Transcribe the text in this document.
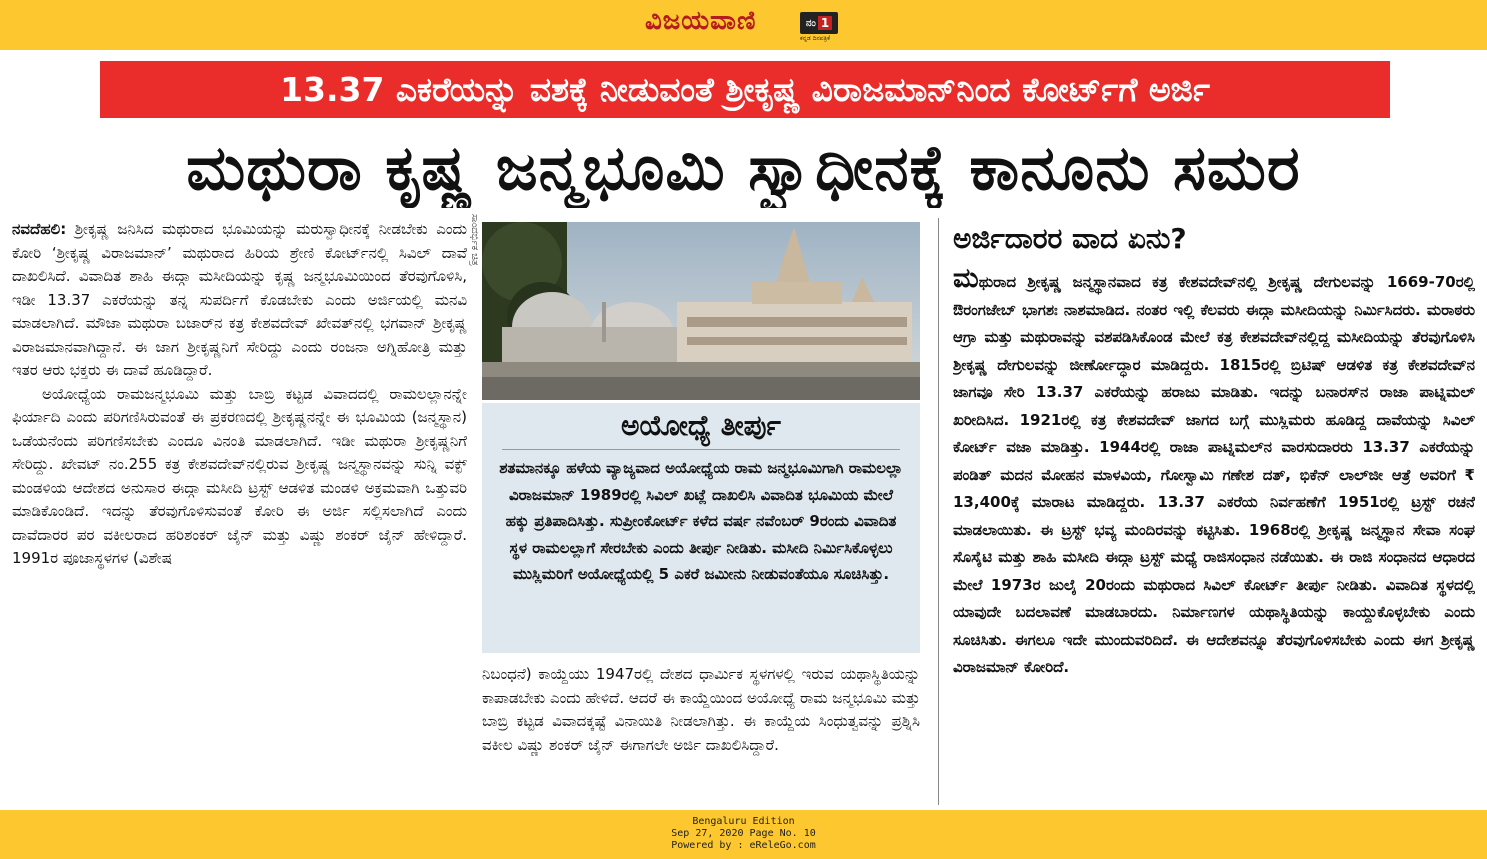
ವಿಜಯವಾಣಿ	ನಂ 1
ಕನ್ನಡ ದಿನಪತ್ರಿಕೆ
13.37 ಎಕರೆಯನ್ನು ವಶಕ್ಕೆ ನೀಡುವಂತೆ ಶ್ರೀಕೃಷ್ಣ ವಿರಾಜಮಾನ್‌ನಿಂದ ಕೋರ್ಟ್‌ಗೆ ಅರ್ಜಿ
ಮಥುರಾ ಕೃಷ್ಣ ಜನ್ಮಭೂಮಿ ಸ್ವಾಧೀನಕ್ಕೆ ಕಾನೂನು ಸಮರ

ನವದೆಹಲಿ: ಶ್ರೀಕೃಷ್ಣ ಜನಿಸಿದ ಮಥುರಾದ ಭೂಮಿಯನ್ನು ಮರುಸ್ವಾಧೀನಕ್ಕೆ ನೀಡಬೇಕು ಎಂದು ಕೋರಿ ‘ಶ್ರೀಕೃಷ್ಣ ವಿರಾಜಮಾನ್’ ಮಥುರಾದ ಹಿರಿಯ ಶ್ರೇಣಿ ಕೋರ್ಟ್‌ನಲ್ಲಿ ಸಿವಿಲ್ ದಾವೆ ದಾಖಲಿಸಿದೆ. ವಿವಾದಿತ ಶಾಹಿ ಈದ್ಗಾ ಮಸೀದಿಯನ್ನು ಕೃಷ್ಣ ಜನ್ಮಭೂಮಿಯಿಂದ ತೆರವುಗೊಳಿಸಿ, ಇಡೀ 13.37 ಎಕರೆಯನ್ನು ತನ್ನ ಸುಪರ್ದಿಗೆ ಕೊಡಬೇಕು ಎಂದು ಅರ್ಜಿಯಲ್ಲಿ ಮನವಿ ಮಾಡಲಾಗಿದೆ. ಮೌಜಾ ಮಥುರಾ ಬಜಾರ್‌ನ ಕತ್ರ ಕೇಶವದೇವ್ ಖೇವತ್‌ನಲ್ಲಿ ಭಗವಾನ್ ಶ್ರೀಕೃಷ್ಣ ವಿರಾಜಮಾನವಾಗಿದ್ದಾನೆ. ಈ ಜಾಗ ಶ್ರೀಕೃಷ್ಣನಿಗೆ ಸೇರಿದ್ದು ಎಂದು ರಂಜನಾ ಅಗ್ನಿಹೋತ್ರಿ ಮತ್ತು ಇತರ ಆರು ಭಕ್ತರು ಈ ದಾವೆ ಹೂಡಿದ್ದಾರೆ.

ಅಯೋಧ್ಯೆಯ ರಾಮಜನ್ಮಭೂಮಿ ಮತ್ತು ಬಾಬ್ರಿ ಕಟ್ಟಡ ವಿವಾದದಲ್ಲಿ ರಾಮಲಲ್ಲಾನನ್ನೇ ಫಿರ್ಯಾದಿ ಎಂದು ಪರಿಗಣಿಸಿರುವಂತೆ ಈ ಪ್ರಕರಣದಲ್ಲಿ ಶ್ರೀಕೃಷ್ಣನನ್ನೇ ಈ ಭೂಮಿಯ (ಜನ್ಮಸ್ಥಾನ) ಒಡೆಯನೆಂದು ಪರಿಗಣಿಸಬೇಕು ಎಂದೂ ವಿನಂತಿ ಮಾಡಲಾಗಿದೆ. ಇಡೀ ಮಥುರಾ ಶ್ರೀಕೃಷ್ಣನಿಗೆ ಸೇರಿದ್ದು. ಖೇವಟ್ ನಂ.255 ಕತ್ರ ಕೇಶವದೇವ್‌ನಲ್ಲಿರುವ ಶ್ರೀಕೃಷ್ಣ ಜನ್ಮಸ್ಥಾನವನ್ನು ಸುನ್ನಿ ವಕ್ಫ್ ಮಂಡಳಿಯ ಆದೇಶದ ಅನುಸಾರ ಈದ್ಗಾ ಮಸೀದಿ ಟ್ರಸ್ಟ್ ಆಡಳಿತ ಮಂಡಳಿ ಅಕ್ರಮವಾಗಿ ಒತ್ತುವರಿ ಮಾಡಿಕೊಂಡಿದೆ. ಇದನ್ನು ತೆರವುಗೊಳಿಸುವಂತೆ ಕೋರಿ ಈ ಅರ್ಜಿ ಸಲ್ಲಿಸಲಾಗಿದೆ ಎಂದು ದಾವೆದಾರರ ಪರ ವಕೀಲರಾದ ಹರಿಶಂಕರ್ ಜೈನ್ ಮತ್ತು ವಿಷ್ಣು ಶಂಕರ್ ಜೈನ್ ಹೇಳಿದ್ದಾರೆ. 1991ರ ಪೂಜಾಸ್ಥಳಗಳ (ವಿಶೇಷ

ಸಾಂದರ್ಭಿಕ ಚಿತ್ರ
ಅಯೋಧ್ಯೆ ತೀರ್ಪು
ಶತಮಾನಕ್ಕೂ ಹಳೆಯ ವ್ಯಾಜ್ಯವಾದ ಅಯೋಧ್ಯೆಯ ರಾಮ ಜನ್ಮಭೂಮಿಗಾಗಿ ರಾಮಲಲ್ಲಾ ವಿರಾಜಮಾನ್ 1989ರಲ್ಲಿ ಸಿವಿಲ್ ಖಟ್ಲೆ ದಾಖಲಿಸಿ ವಿವಾದಿತ ಭೂಮಿಯ ಮೇಲೆ ಹಕ್ಕು ಪ್ರತಿಪಾದಿಸಿತ್ತು. ಸುಪ್ರೀಂಕೋರ್ಟ್ ಕಳೆದ ವರ್ಷ ನವೆಂಬರ್ 9ರಂದು ವಿವಾದಿತ ಸ್ಥಳ ರಾಮಲಲ್ಲಾಗೆ ಸೇರಬೇಕು ಎಂದು ತೀರ್ಪು ನೀಡಿತು. ಮಸೀದಿ ನಿರ್ಮಿಸಿಕೊಳ್ಳಲು ಮುಸ್ಲಿಮರಿಗೆ ಅಯೋಧ್ಯೆಯಲ್ಲಿ 5 ಎಕರೆ ಜಮೀನು ನೀಡುವಂತೆಯೂ ಸೂಚಿಸಿತ್ತು.

ನಿಬಂಧನೆ) ಕಾಯ್ದೆಯು 1947ರಲ್ಲಿ ದೇಶದ ಧಾರ್ಮಿಕ ಸ್ಥಳಗಳಲ್ಲಿ ಇರುವ ಯಥಾಸ್ಥಿತಿಯನ್ನು ಕಾಪಾಡಬೇಕು ಎಂದು ಹೇಳಿದೆ. ಆದರೆ ಈ ಕಾಯ್ದೆಯಿಂದ ಅಯೋಧ್ಯೆ ರಾಮ ಜನ್ಮಭೂಮಿ ಮತ್ತು ಬಾಬ್ರಿ ಕಟ್ಟಡ ವಿವಾದಕ್ಕಷ್ಟೆ ವಿನಾಯಿತಿ ನೀಡಲಾಗಿತ್ತು. ಈ ಕಾಯ್ದೆಯ ಸಿಂಧುತ್ವವನ್ನು ಪ್ರಶ್ನಿಸಿ ವಕೀಲ ವಿಷ್ಣು ಶಂಕರ್ ಜೈನ್ ಈಗಾಗಲೇ ಅರ್ಜಿ ದಾಖಲಿಸಿದ್ದಾರೆ.

ಅರ್ಜಿದಾರರ ವಾದ ಏನು?

ಮಥುರಾದ ಶ್ರೀಕೃಷ್ಣ ಜನ್ಮಸ್ಥಾನವಾದ ಕತ್ರ ಕೇಶವದೇವ್‌ನಲ್ಲಿ ಶ್ರೀಕೃಷ್ಣ ದೇಗುಲವನ್ನು 1669-70ರಲ್ಲಿ ಔರಂಗಜೇಬ್ ಭಾಗಶಃ ನಾಶಮಾಡಿದ. ನಂತರ ಇಲ್ಲಿ ಕೆಲವರು ಈದ್ಗಾ ಮಸೀದಿಯನ್ನು ನಿರ್ಮಿಸಿದರು. ಮರಾಠರು ಆಗ್ರಾ ಮತ್ತು ಮಥುರಾವನ್ನು ವಶಪಡಿಸಿಕೊಂಡ ಮೇಲೆ ಕತ್ರ ಕೇಶವದೇವ್‌ನಲ್ಲಿದ್ದ ಮಸೀದಿಯನ್ನು ತೆರವುಗೊಳಿಸಿ ಶ್ರೀಕೃಷ್ಣ ದೇಗುಲವನ್ನು ಜೀರ್ಣೋದ್ಧಾರ ಮಾಡಿದ್ದರು. 1815ರಲ್ಲಿ ಬ್ರಿಟಿಷ್ ಆಡಳಿತ ಕತ್ರ ಕೇಶವದೇವ್‌ನ ಜಾಗವೂ ಸೇರಿ 13.37 ಎಕರೆಯನ್ನು ಹರಾಜು ಮಾಡಿತು. ಇದನ್ನು ಬನಾರಸ್‌ನ ರಾಜಾ ಪಾಟ್ನಿಮಲ್ ಖರೀದಿಸಿದ. 1921ರಲ್ಲಿ ಕತ್ರ ಕೇಶವದೇವ್ ಜಾಗದ ಬಗ್ಗೆ ಮುಸ್ಲಿಮರು ಹೂಡಿದ್ದ ದಾವೆಯನ್ನು ಸಿವಿಲ್ ಕೋರ್ಟ್ ವಜಾ ಮಾಡಿತ್ತು. 1944ರಲ್ಲಿ ರಾಜಾ ಪಾಟ್ನಿಮಲ್‌ನ ವಾರಸುದಾರರು 13.37 ಎಕರೆಯನ್ನು ಪಂಡಿತ್ ಮದನ ಮೋಹನ ಮಾಳವಿಯ, ಗೋಸ್ವಾಮಿ ಗಣೇಶ ದತ್, ಭಿಕೆನ್ ಲಾಲ್‌ಜೀ ಆತ್ರೆ ಅವರಿಗೆ ₹ 13,400ಕ್ಕೆ ಮಾರಾಟ ಮಾಡಿದ್ದರು. 13.37 ಎಕರೆಯ ನಿರ್ವಹಣೆಗೆ 1951ರಲ್ಲಿ ಟ್ರಸ್ಟ್ ರಚನೆ ಮಾಡಲಾಯಿತು. ಈ ಟ್ರಸ್ಟ್ ಭವ್ಯ ಮಂದಿರವನ್ನು ಕಟ್ಟಿಸಿತು. 1968ರಲ್ಲಿ ಶ್ರೀಕೃಷ್ಣ ಜನ್ಮಸ್ಥಾನ ಸೇವಾ ಸಂಘ ಸೊಸೈಟಿ ಮತ್ತು ಶಾಹಿ ಮಸೀದಿ ಈದ್ಗಾ ಟ್ರಸ್ಟ್ ಮಧ್ಯೆ ರಾಜಿಸಂಧಾನ ನಡೆಯಿತು. ಈ ರಾಜಿ ಸಂಧಾನದ ಆಧಾರದ ಮೇಲೆ 1973ರ ಜುಲೈ 20ರಂದು ಮಥುರಾದ ಸಿವಿಲ್ ಕೋರ್ಟ್ ತೀರ್ಪು ನೀಡಿತು. ವಿವಾದಿತ ಸ್ಥಳದಲ್ಲಿ ಯಾವುದೇ ಬದಲಾವಣೆ ಮಾಡಬಾರದು. ನಿರ್ಮಾಣಗಳ ಯಥಾಸ್ಥಿತಿಯನ್ನು ಕಾಯ್ದುಕೊಳ್ಳಬೇಕು ಎಂದು ಸೂಚಿಸಿತು. ಈಗಲೂ ಇದೇ ಮುಂದುವರಿದಿದೆ. ಈ ಆದೇಶವನ್ನೂ ತೆರವುಗೊಳಿಸಬೇಕು ಎಂದು ಈಗ ಶ್ರೀಕೃಷ್ಣ ವಿರಾಜಮಾನ್ ಕೋರಿದೆ.

Bengaluru Edition
Sep 27, 2020 Page No. 10
Powered by : eReleGo.com
